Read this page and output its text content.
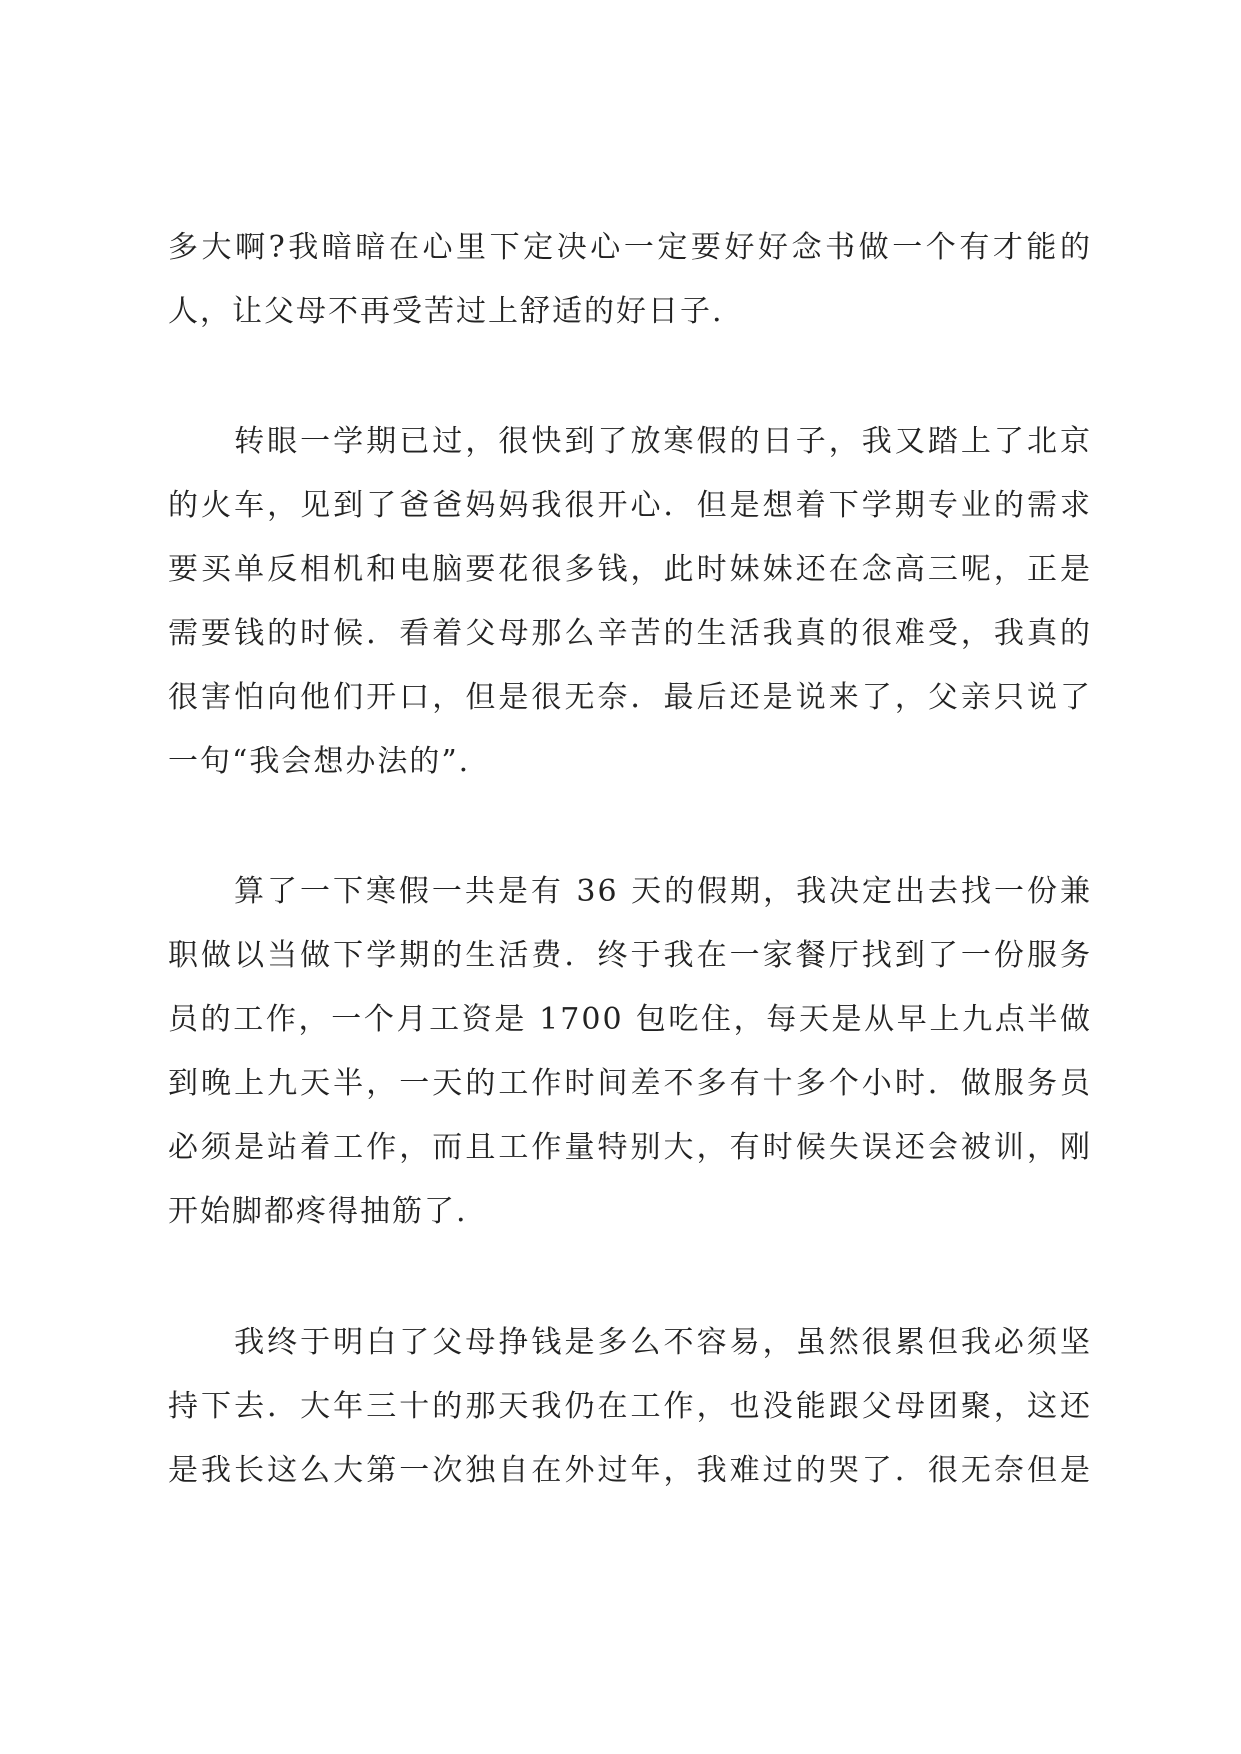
多大啊?我暗暗在心里下定决心一定要好好念书做一个有才能的
人，让父母不再受苦过上舒适的好日子.
　　转眼一学期已过，很快到了放寒假的日子，我又踏上了北京
的火车，见到了爸爸妈妈我很开心．但是想着下学期专业的需求
要买单反相机和电脑要花很多钱，此时妹妹还在念高三呢，正是
需要钱的时候．看着父母那么辛苦的生活我真的很难受，我真的
很害怕向他们开口，但是很无奈．最后还是说来了，父亲只说了
一句“我会想办法的”.
　　算了一下寒假一共是有 36 天的假期，我决定出去找一份兼
职做以当做下学期的生活费．终于我在一家餐厅找到了一份服务
员的工作，一个月工资是 1700 包吃住，每天是从早上九点半做
到晚上九天半，一天的工作时间差不多有十多个小时．做服务员
必须是站着工作，而且工作量特别大，有时候失误还会被训，刚
开始脚都疼得抽筋了.
　　我终于明白了父母挣钱是多么不容易，虽然很累但我必须坚
持下去．大年三十的那天我仍在工作，也没能跟父母团聚，这还
是我长这么大第一次独自在外过年，我难过的哭了．很无奈但是
